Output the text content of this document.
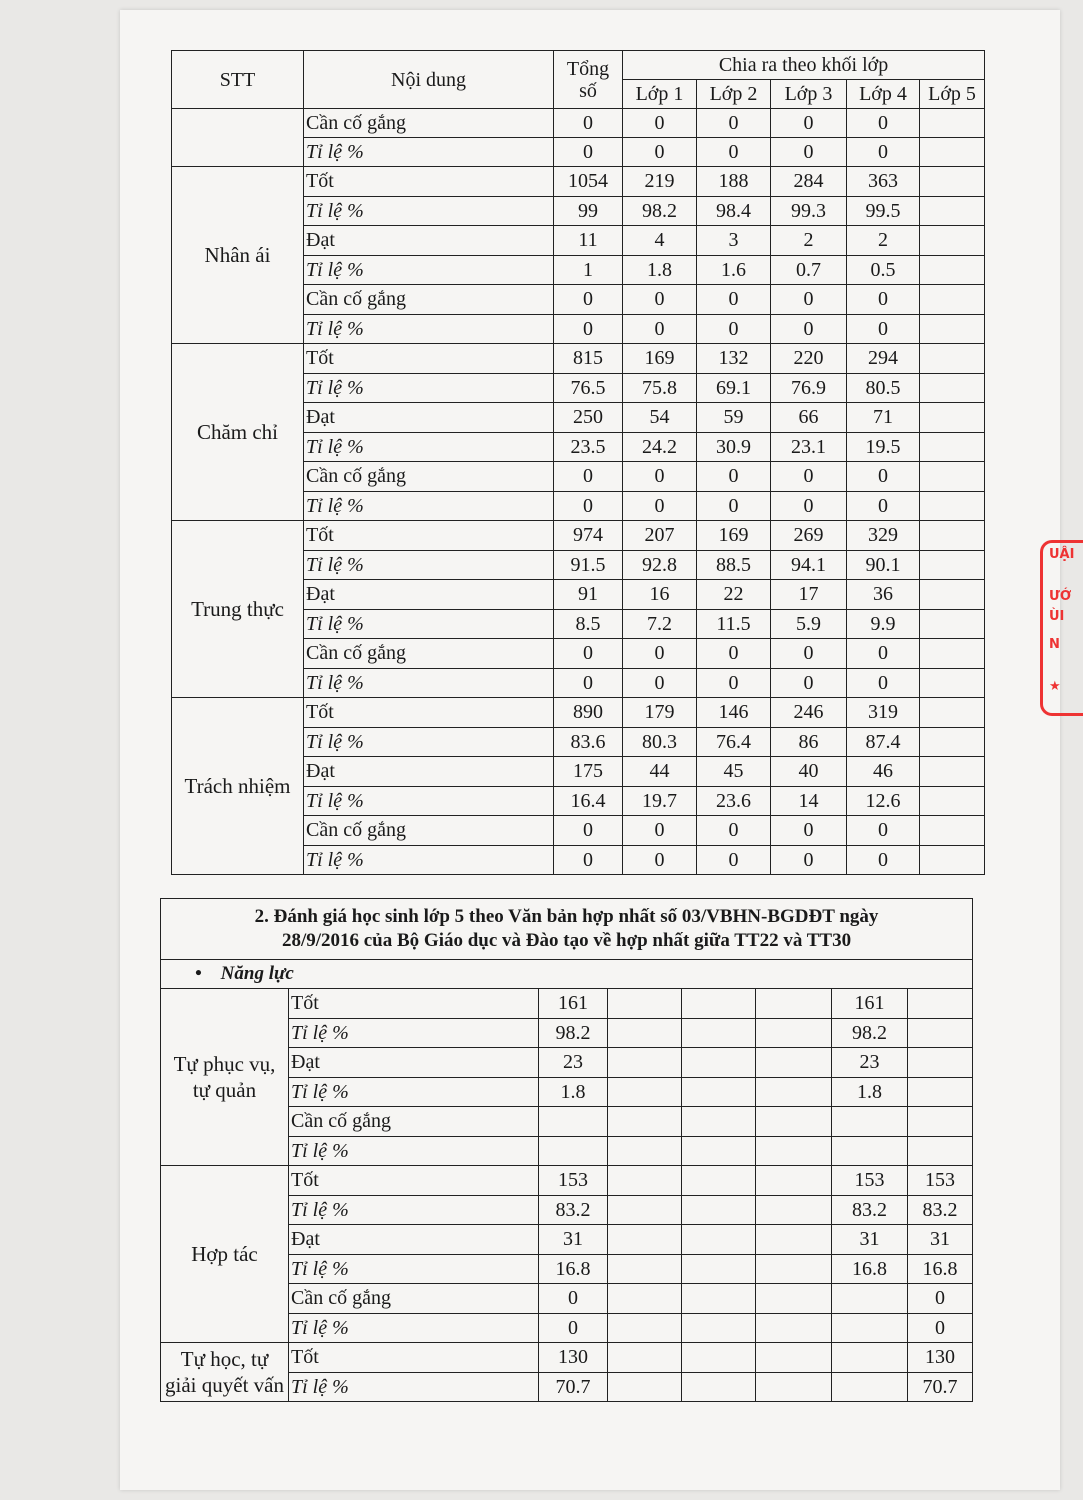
STT	Nội dung	Tổng số	Chia ra theo khối lớp				
			Lớp 1	Lớp 2	Lớp 3	Lớp 4	Lớp 5
	Cần cố gắng	0	0	0	0	0	
	Tỉ lệ %	0	0	0	0	0	
Nhân ái	Tốt	1054	219	188	284	363	
	Tỉ lệ %	99	98.2	98.4	99.3	99.5	
	Đạt	11	4	3	2	2	
	Tỉ lệ %	1	1.8	1.6	0.7	0.5	
	Cần cố gắng	0	0	0	0	0	
	Tỉ lệ %	0	0	0	0	0	
Chăm chỉ	Tốt	815	169	132	220	294	
	Tỉ lệ %	76.5	75.8	69.1	76.9	80.5	
	Đạt	250	54	59	66	71	
	Tỉ lệ %	23.5	24.2	30.9	23.1	19.5	
	Cần cố gắng	0	0	0	0	0	
	Tỉ lệ %	0	0	0	0	0	
Trung thực	Tốt	974	207	169	269	329	
	Tỉ lệ %	91.5	92.8	88.5	94.1	90.1	
	Đạt	91	16	22	17	36	
	Tỉ lệ %	8.5	7.2	11.5	5.9	9.9	
	Cần cố gắng	0	0	0	0	0	
	Tỉ lệ %	0	0	0	0	0	
Trách nhiệm	Tốt	890	179	146	246	319	
	Tỉ lệ %	83.6	80.3	76.4	86	87.4	
	Đạt	175	44	45	40	46	
	Tỉ lệ %	16.4	19.7	23.6	14	12.6	
	Cần cố gắng	0	0	0	0	0	
	Tỉ lệ %	0	0	0	0	0	
2. Đánh giá học sinh lớp 5 theo Văn bản hợp nhất số 03/VBHN-BGDĐT ngày
28/9/2016 của Bộ Giáo dục và Đào tạo về hợp nhất giữa TT22 và TT30							

•    Năng lực							
Tự phục vụ, tự quản	Tốt	161				161	
	Tỉ lệ %	98.2				98.2	
	Đạt	23				23	
	Tỉ lệ %	1.8				1.8	
	Cần cố gắng						
	Tỉ lệ %						
Hợp tác	Tốt	153				153	153
	Tỉ lệ %	83.2				83.2	83.2
	Đạt	31				31	31
	Tỉ lệ %	16.8				16.8	16.8
	Cần cố gắng	0					0
	Tỉ lệ %	0					0
Tự học, tự giải quyết vấn	Tốt	130					130
	Tỉ lệ %	70.7					70.7
UẬI
ƯỚ
ÙI
N
★
